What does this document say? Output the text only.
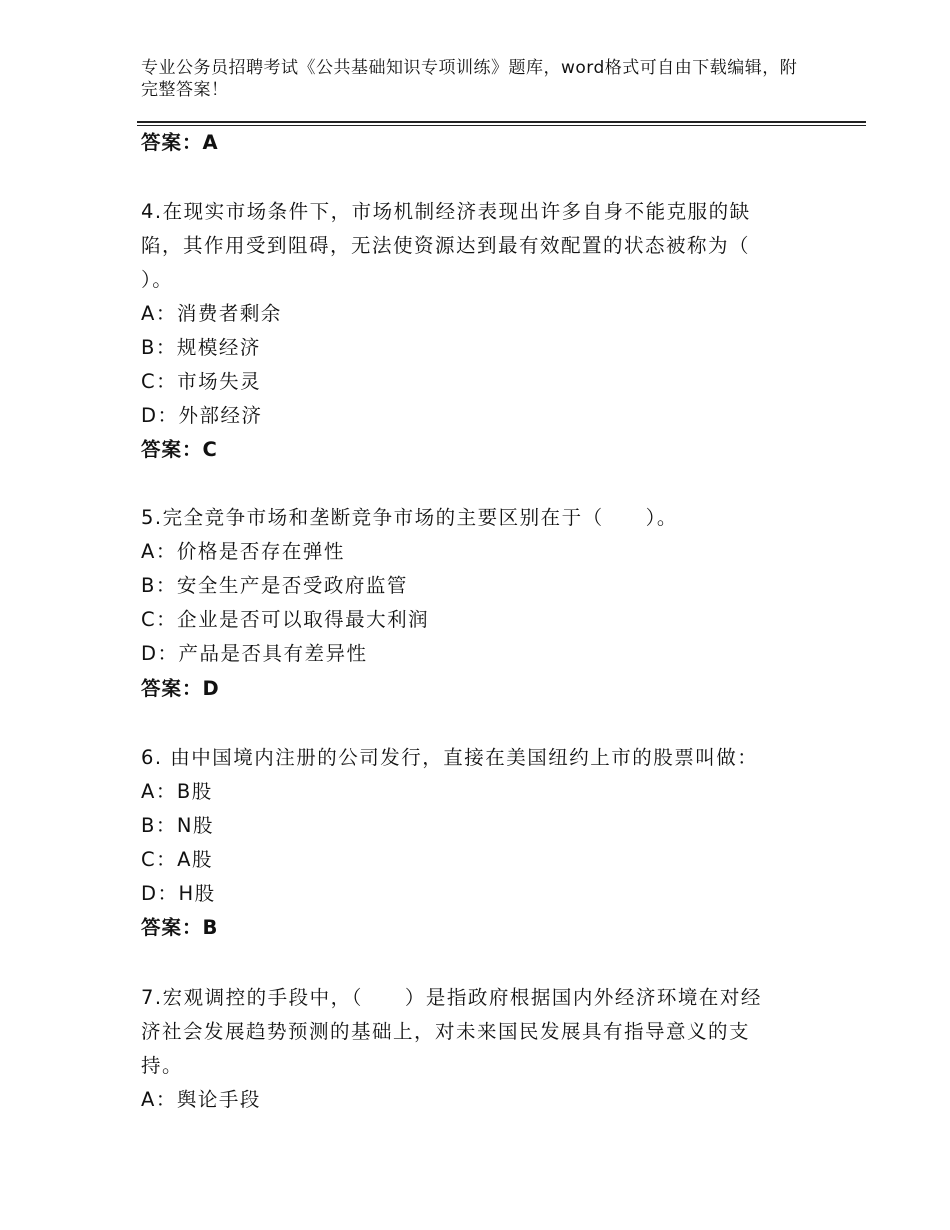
专业公务员招聘考试《公共基础知识专项训练》题库，word格式可自由下载编辑，附完整答案！
答案：A
4.在现实市场条件下，市场机制经济表现出许多自身不能克服的缺
陷，其作用受到阻碍，无法使资源达到最有效配置的状态被称为（
）。
A：消费者剩余
B：规模经济
C：市场失灵
D：外部经济
答案：C
5.完全竞争市场和垄断竞争市场的主要区别在于（　　）。
A：价格是否存在弹性
B：安全生产是否受政府监管
C：企业是否可以取得最大利润
D：产品是否具有差异性
答案：D
6. 由中国境内注册的公司发行，直接在美国纽约上市的股票叫做：
A：B股
B：N股
C：A股
D：H股
答案：B
7.宏观调控的手段中，（　　）是指政府根据国内外经济环境在对经
济社会发展趋势预测的基础上，对未来国民发展具有指导意义的支
持。
A：舆论手段
